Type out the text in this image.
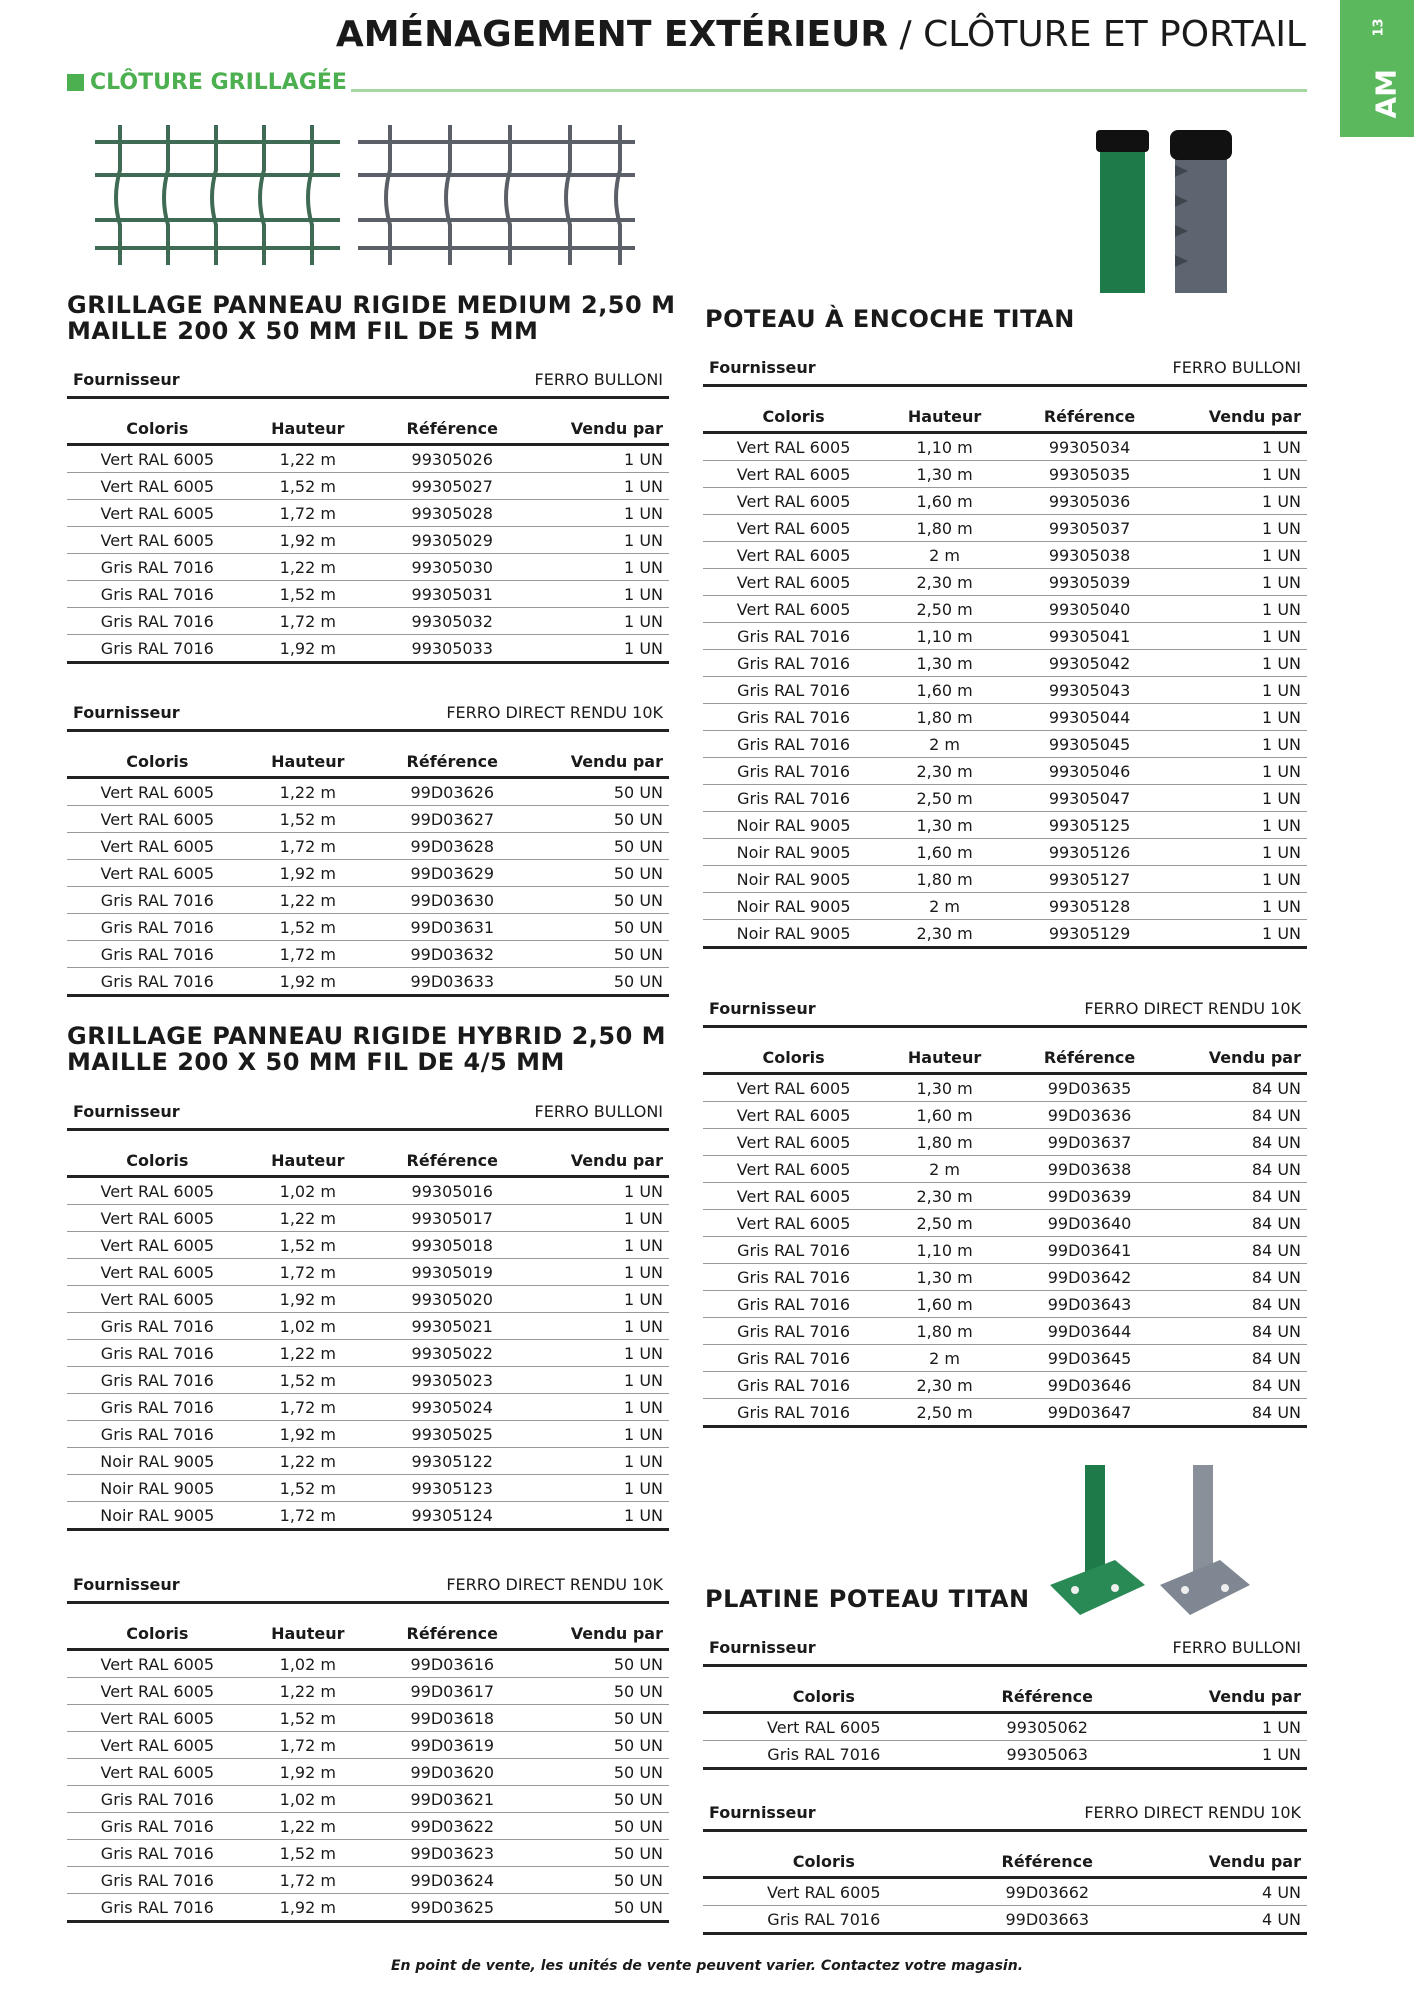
AMÉNAGEMENT EXTÉRIEUR / CLÔTURE ET PORTAIL	13
AM
CLÔTURE GRILLAGÉE
GRILLAGE PANNEAU RIGIDE MEDIUM 2,50 M
MAILLE 200 X 50 MM FIL DE 5 MM
GRILLAGE PANNEAU RIGIDE HYBRID 2,50 M
MAILLE 200 X 50 MM FIL DE 4/5 MM
POTEAU À ENCOCHE TITAN
PLATINE POTEAU TITAN
Fournisseur	FERRO BULLONI
Coloris	Hauteur	Référence	Vendu par
Vert RAL 6005	1,22 m	99305026	1 UN
Vert RAL 6005	1,52 m	99305027	1 UN
Vert RAL 6005	1,72 m	99305028	1 UN
Vert RAL 6005	1,92 m	99305029	1 UN
Gris RAL 7016	1,22 m	99305030	1 UN
Gris RAL 7016	1,52 m	99305031	1 UN
Gris RAL 7016	1,72 m	99305032	1 UN
Gris RAL 7016	1,92 m	99305033	1 UN
Fournisseur	FERRO DIRECT RENDU 10K
Coloris	Hauteur	Référence	Vendu par
Vert RAL 6005	1,22 m	99D03626	50 UN
Vert RAL 6005	1,52 m	99D03627	50 UN
Vert RAL 6005	1,72 m	99D03628	50 UN
Vert RAL 6005	1,92 m	99D03629	50 UN
Gris RAL 7016	1,22 m	99D03630	50 UN
Gris RAL 7016	1,52 m	99D03631	50 UN
Gris RAL 7016	1,72 m	99D03632	50 UN
Gris RAL 7016	1,92 m	99D03633	50 UN
Fournisseur	FERRO BULLONI
Coloris	Hauteur	Référence	Vendu par
Vert RAL 6005	1,02 m	99305016	1 UN
Vert RAL 6005	1,22 m	99305017	1 UN
Vert RAL 6005	1,52 m	99305018	1 UN
Vert RAL 6005	1,72 m	99305019	1 UN
Vert RAL 6005	1,92 m	99305020	1 UN
Gris RAL 7016	1,02 m	99305021	1 UN
Gris RAL 7016	1,22 m	99305022	1 UN
Gris RAL 7016	1,52 m	99305023	1 UN
Gris RAL 7016	1,72 m	99305024	1 UN
Gris RAL 7016	1,92 m	99305025	1 UN
Noir RAL 9005	1,22 m	99305122	1 UN
Noir RAL 9005	1,52 m	99305123	1 UN
Noir RAL 9005	1,72 m	99305124	1 UN
Fournisseur	FERRO DIRECT RENDU 10K
Coloris	Hauteur	Référence	Vendu par
Vert RAL 6005	1,02 m	99D03616	50 UN
Vert RAL 6005	1,22 m	99D03617	50 UN
Vert RAL 6005	1,52 m	99D03618	50 UN
Vert RAL 6005	1,72 m	99D03619	50 UN
Vert RAL 6005	1,92 m	99D03620	50 UN
Gris RAL 7016	1,02 m	99D03621	50 UN
Gris RAL 7016	1,22 m	99D03622	50 UN
Gris RAL 7016	1,52 m	99D03623	50 UN
Gris RAL 7016	1,72 m	99D03624	50 UN
Gris RAL 7016	1,92 m	99D03625	50 UN
Fournisseur	FERRO BULLONI
Coloris	Hauteur	Référence	Vendu par
Vert RAL 6005	1,10 m	99305034	1 UN
Vert RAL 6005	1,30 m	99305035	1 UN
Vert RAL 6005	1,60 m	99305036	1 UN
Vert RAL 6005	1,80 m	99305037	1 UN
Vert RAL 6005	2 m	99305038	1 UN
Vert RAL 6005	2,30 m	99305039	1 UN
Vert RAL 6005	2,50 m	99305040	1 UN
Gris RAL 7016	1,10 m	99305041	1 UN
Gris RAL 7016	1,30 m	99305042	1 UN
Gris RAL 7016	1,60 m	99305043	1 UN
Gris RAL 7016	1,80 m	99305044	1 UN
Gris RAL 7016	2 m	99305045	1 UN
Gris RAL 7016	2,30 m	99305046	1 UN
Gris RAL 7016	2,50 m	99305047	1 UN
Noir RAL 9005	1,30 m	99305125	1 UN
Noir RAL 9005	1,60 m	99305126	1 UN
Noir RAL 9005	1,80 m	99305127	1 UN
Noir RAL 9005	2 m	99305128	1 UN
Noir RAL 9005	2,30 m	99305129	1 UN
Fournisseur	FERRO DIRECT RENDU 10K
Coloris	Hauteur	Référence	Vendu par
Vert RAL 6005	1,30 m	99D03635	84 UN
Vert RAL 6005	1,60 m	99D03636	84 UN
Vert RAL 6005	1,80 m	99D03637	84 UN
Vert RAL 6005	2 m	99D03638	84 UN
Vert RAL 6005	2,30 m	99D03639	84 UN
Vert RAL 6005	2,50 m	99D03640	84 UN
Gris RAL 7016	1,10 m	99D03641	84 UN
Gris RAL 7016	1,30 m	99D03642	84 UN
Gris RAL 7016	1,60 m	99D03643	84 UN
Gris RAL 7016	1,80 m	99D03644	84 UN
Gris RAL 7016	2 m	99D03645	84 UN
Gris RAL 7016	2,30 m	99D03646	84 UN
Gris RAL 7016	2,50 m	99D03647	84 UN
Fournisseur	FERRO BULLONI
Coloris	Référence	Vendu par
Vert RAL 6005	99305062	1 UN
Gris RAL 7016	99305063	1 UN
Fournisseur	FERRO DIRECT RENDU 10K
Coloris	Référence	Vendu par
Vert RAL 6005	99D03662	4 UN
Gris RAL 7016	99D03663	4 UN
En point de vente, les unités de vente peuvent varier. Contactez votre magasin.
